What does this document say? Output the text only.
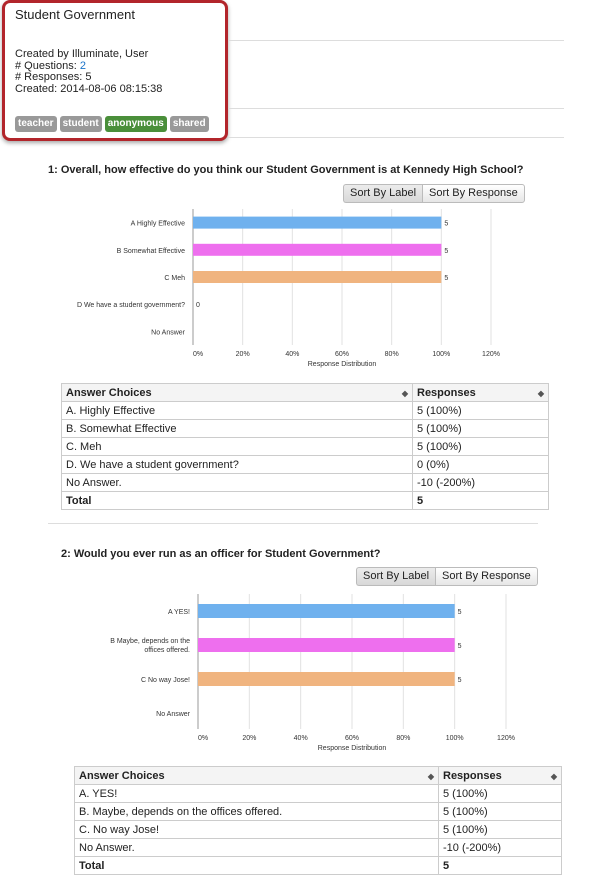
Student Government
Created by Illuminate, User
# Questions: 2
# Responses: 5
Created: 2014-08-06 08:15:38
teacher student anonymous shared
1: Overall, how effective do you think our Student Government is at Kennedy High School?
Sort By Label	Sort By Response
0%	20%	40%	60%	80%	100%	120%
Response Distribution
A Highly Effective	5
B Somewhat Effective	5
C Meh	5
D We have a student government? 0
No Answer
Answer Choices ◆	Responses ◆

A. Highly Effective	5 (100%)
B. Somewhat Effective	5 (100%)
C. Meh	5 (100%)
D. We have a student government?	0 (0%)
No Answer.	-10 (-200%)
Total	5
2: Would you ever run as an officer for Student Government?
Sort By Label	Sort By Response
Answer Choices ◆	Responses ◆

A. YES!	5 (100%)
B. Maybe, depends on the offices offered.	5 (100%)
C. No way Jose!	5 (100%)
No Answer.	-10 (-200%)
Total	5
0%	20%	40%	60%	80%	100%	120%
Response Distribution
A YES!	5
B Maybe, depends on the
offices offered.
5
C No way Jose!	5
No Answer
